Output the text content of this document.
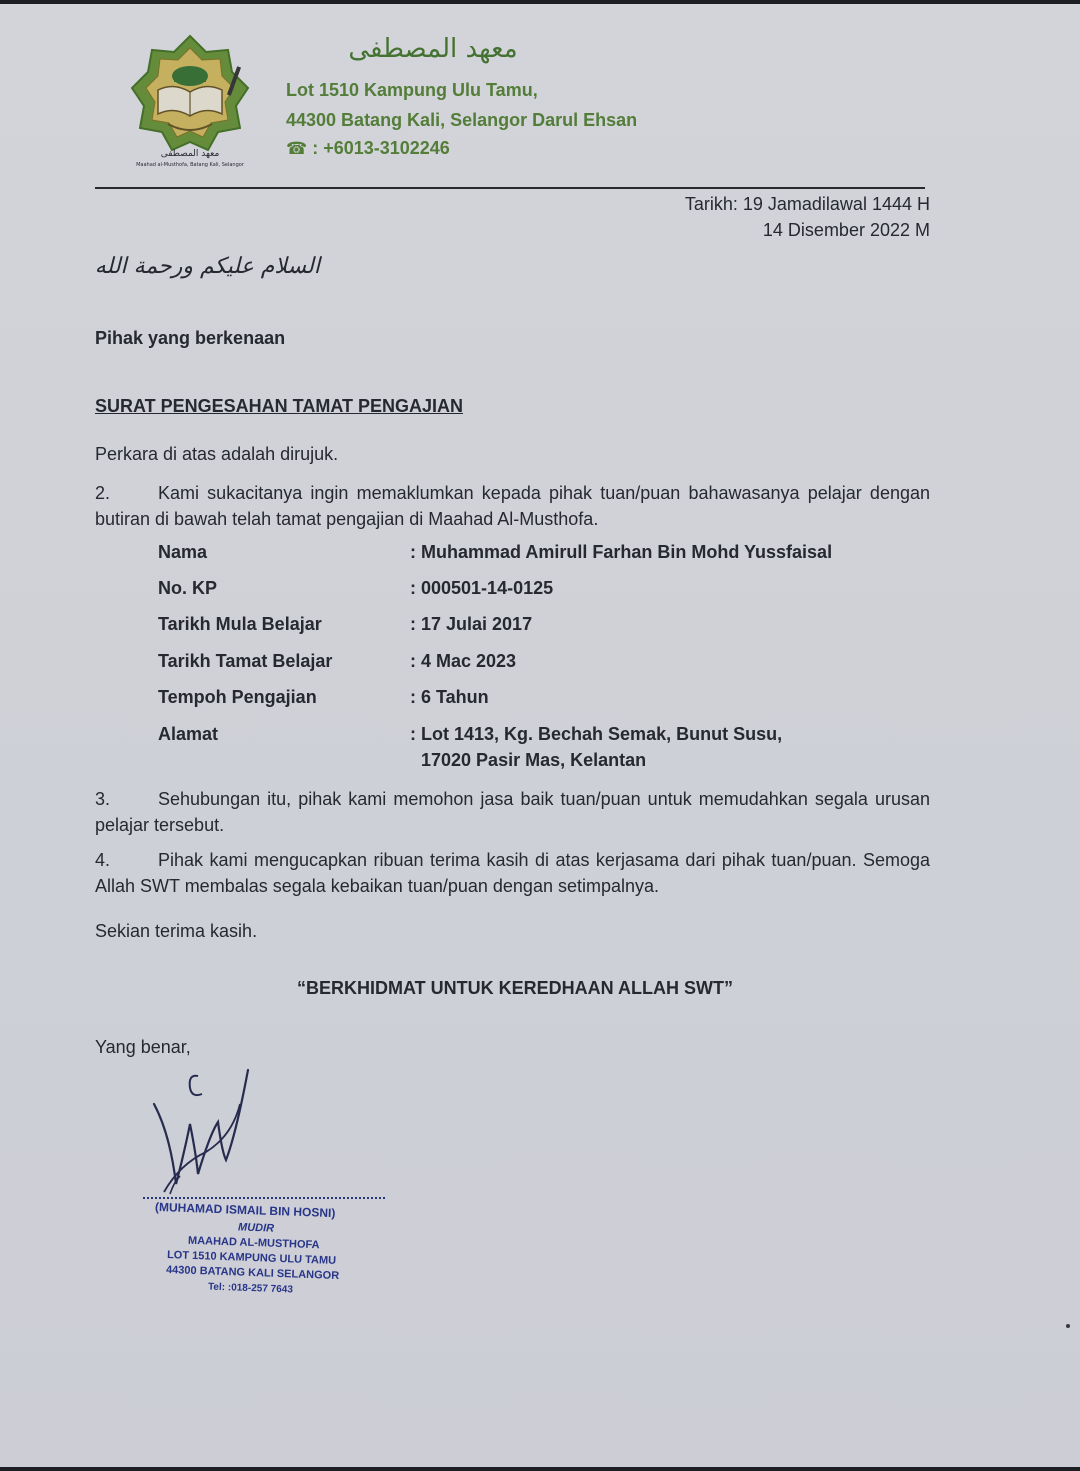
معهد المصطفى
Maahad al-Musthofa, Batang Kali, Selangor
معهد المصطفى
Lot 1510 Kampung Ulu Tamu,
44300 Batang Kali, Selangor Darul Ehsan
☎ : +6013-3102246
Tarikh: 19 Jamadilawal 1444 H
14 Disember 2022 M
السلام عليكم ورحمة الله
Pihak yang berkenaan
SURAT PENGESAHAN TAMAT PENGAJIAN
Perkara di atas adalah dirujuk.
2.	Kami sukacitanya ingin memaklumkan kepada pihak tuan/puan bahawasanya pelajar dengan butiran di bawah telah tamat pengajian di Maahad Al-Musthofa.
Nama	: Muhammad Amirull Farhan Bin Mohd Yussfaisal
No. KP	: 000501-14-0125
Tarikh Mula Belajar	: 17 Julai 2017
Tarikh Tamat Belajar	: 4 Mac 2023
Tempoh Pengajian	: 6 Tahun
Alamat	: Lot 1413, Kg. Bechah Semak, Bunut Susu,
17020 Pasir Mas, Kelantan
3.	Sehubungan itu, pihak kami memohon jasa baik tuan/puan untuk memudahkan segala urusan pelajar tersebut.
4.	Pihak kami mengucapkan ribuan terima kasih di atas kerjasama dari pihak tuan/puan. Semoga Allah SWT membalas segala kebaikan tuan/puan dengan setimpalnya.
Sekian terima kasih.
“BERKHIDMAT UNTUK KEREDHAAN ALLAH SWT”
Yang benar,
(MUHAMAD ISMAIL BIN HOSNI)
MUDIR
MAAHAD AL-MUSTHOFA
LOT 1510 KAMPUNG ULU TAMU
44300 BATANG KALI SELANGOR
Tel: :018-257 7643
